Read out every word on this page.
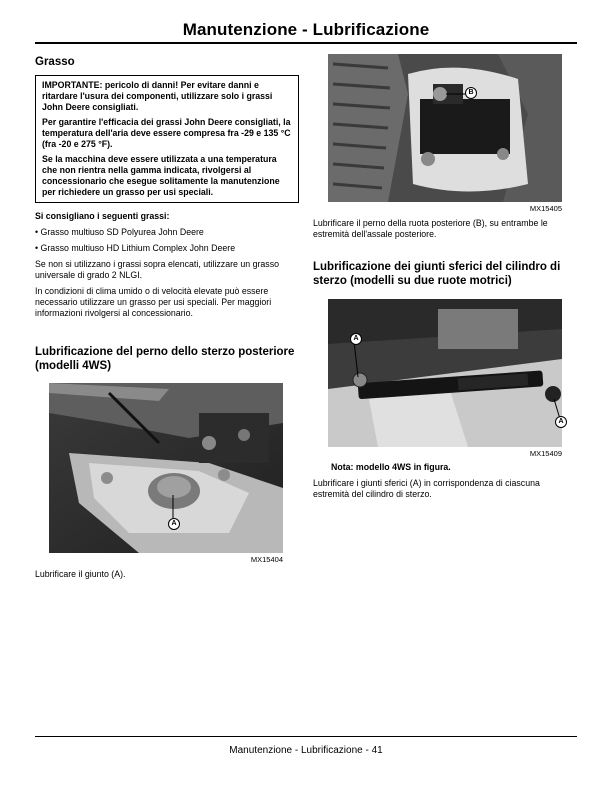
Manutenzione - Lubrificazione
Grasso

IMPORTANTE: pericolo di danni! Per evitare danni e ritardare l'usura dei componenti, utilizzare solo i grassi John Deere consigliati.

Per garantire l'efficacia dei grassi John Deere consigliati, la temperatura dell'aria deve essere compresa fra -29 e 135 °C (fra -20 e 275 °F).

Se la macchina deve essere utilizzata a una temperatura che non rientra nella gamma indicata, rivolgersi al concessionario che esegue solitamente la manutenzione per richiedere un grasso per usi speciali.

Si consigliano i seguenti grassi:

• Grasso multiuso SD Polyurea John Deere

• Grasso multiuso HD Lithium Complex John Deere

Se non si utilizzano i grassi sopra elencati, utilizzare un grasso universale di grado 2 NLGI.

In condizioni di clima umido o di velocità elevate può essere necessario utilizzare un grasso per usi speciali. Per maggiori informazioni rivolgersi al concessionario.

Lubrificazione del perno dello sterzo posteriore (modelli 4WS)
A
MX15404

Lubrificare il giunto (A).

B
MX15405

Lubrificare il perno della ruota posteriore (B), su entrambe le estremità dell'assale posteriore.

Lubrificazione dei giunti sferici del cilindro di sterzo (modelli su due ruote motrici)
A
A
MX15409

Nota: modello 4WS in figura.

Lubrificare i giunti sferici (A) in corrispondenza di ciascuna estremità del cilindro di sterzo.

Manutenzione - Lubrificazione - 41
